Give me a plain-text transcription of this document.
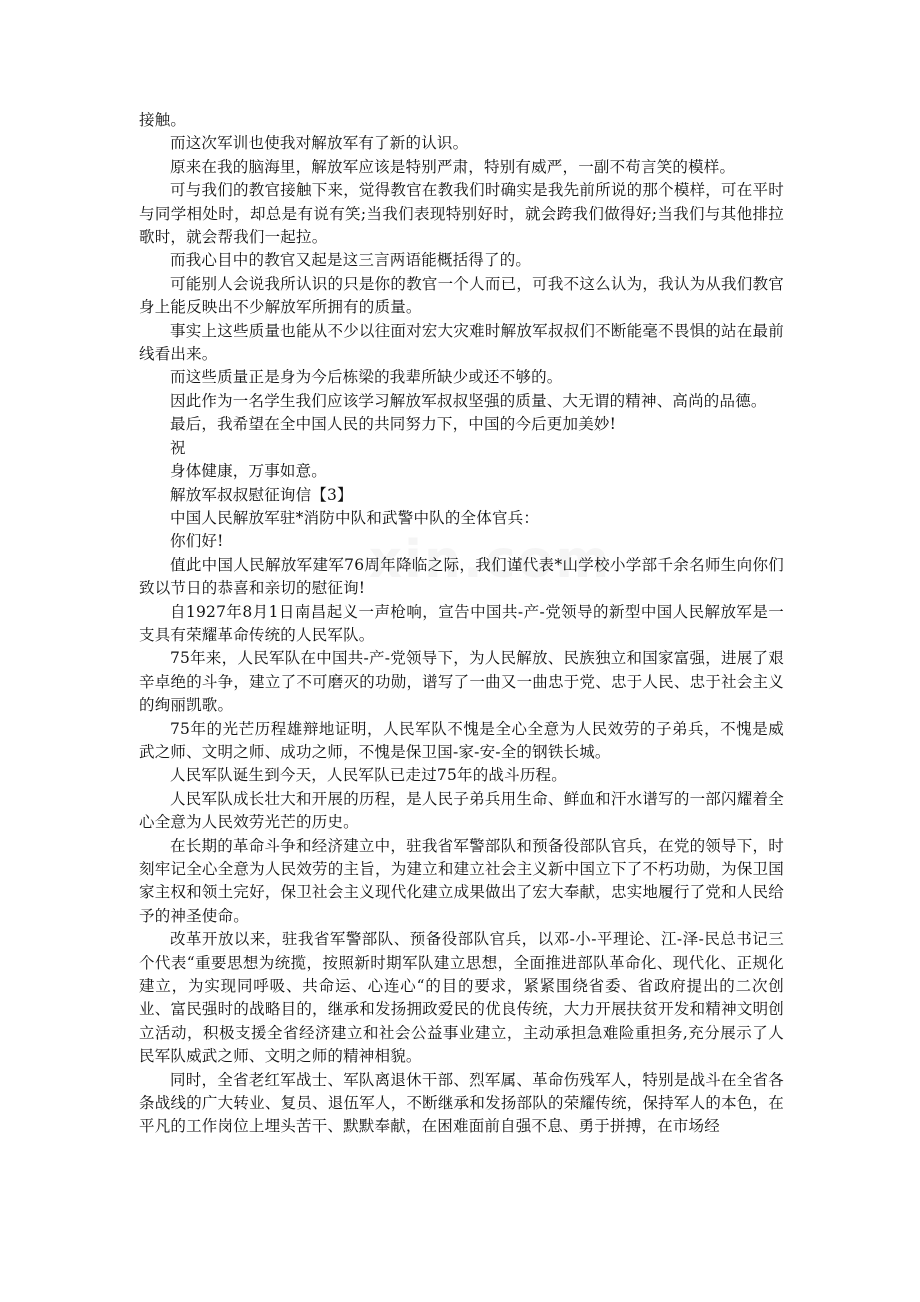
接触。

而这次军训也使我对解放军有了新的认识。

原来在我的脑海里，解放军应该是特别严肃，特别有威严，一副不苟言笑的模样。

可与我们的教官接触下来，觉得教官在教我们时确实是我先前所说的那个模样，可在平时与同学相处时，却总是有说有笑;当我们表现特别好时，就会跨我们做得好;当我们与其他排拉歌时，就会帮我们一起拉。

而我心目中的教官又起是这三言两语能概括得了的。

可能别人会说我所认识的只是你的教官一个人而已，可我不这么认为，我认为从我们教官身上能反映出不少解放军所拥有的质量。

事实上这些质量也能从不少以往面对宏大灾难时解放军叔叔们不断能毫不畏惧的站在最前线看出来。

而这些质量正是身为今后栋梁的我辈所缺少或还不够的。

因此作为一名学生我们应该学习解放军叔叔坚强的质量、大无谓的精神、高尚的品德。

最后，我希望在全中国人民的共同努力下，中国的今后更加美妙!

祝

身体健康，万事如意。

解放军叔叔慰征询信【3】

中国人民解放军驻*消防中队和武警中队的全体官兵：

你们好!

值此中国人民解放军建军76周年降临之际，我们谨代表*山学校小学部千余名师生向你们致以节日的恭喜和亲切的慰征询!

自1927年8月1日南昌起义一声枪响，宣告中国共-产-党领导的新型中国人民解放军是一支具有荣耀革命传统的人民军队。

75年来，人民军队在中国共-产-党领导下，为人民解放、民族独立和国家富强，进展了艰辛卓绝的斗争，建立了不可磨灭的功勋，谱写了一曲又一曲忠于党、忠于人民、忠于社会主义的绚丽凯歌。

75年的光芒历程雄辩地证明，人民军队不愧是全心全意为人民效劳的子弟兵，不愧是威武之师、文明之师、成功之师，不愧是保卫国-家-安-全的钢铁长城。

人民军队诞生到今天，人民军队已走过75年的战斗历程。

人民军队成长壮大和开展的历程，是人民子弟兵用生命、鲜血和汗水谱写的一部闪耀着全心全意为人民效劳光芒的历史。

在长期的革命斗争和经济建立中，驻我省军警部队和预备役部队官兵，在党的领导下，时刻牢记全心全意为人民效劳的主旨，为建立和建立社会主义新中国立下了不朽功勋，为保卫国家主权和领土完好，保卫社会主义现代化建立成果做出了宏大奉献，忠实地履行了党和人民给予的神圣使命。

改革开放以来，驻我省军警部队、预备役部队官兵，以邓-小-平理论、江-泽-民总书记三个代表“重要思想为统揽，按照新时期军队建立思想，全面推进部队革命化、现代化、正规化建立，为实现同呼吸、共命运、心连心“的目的要求，紧紧围绕省委、省政府提出的二次创业、富民强时的战略目的，继承和发扬拥政爱民的优良传统，大力开展扶贫开发和精神文明创立活动，积极支援全省经济建立和社会公益事业建立，主动承担急难险重担务,充分展示了人民军队威武之师、文明之师的精神相貌。

同时，全省老红军战士、军队离退休干部、烈军属、革命伤残军人，特别是战斗在全省各条战线的广大转业、复员、退伍军人，不断继承和发扬部队的荣耀传统，保持军人的本色，在平凡的工作岗位上埋头苦干、默默奉献，在困难面前自强不息、勇于拼搏，在市场经
